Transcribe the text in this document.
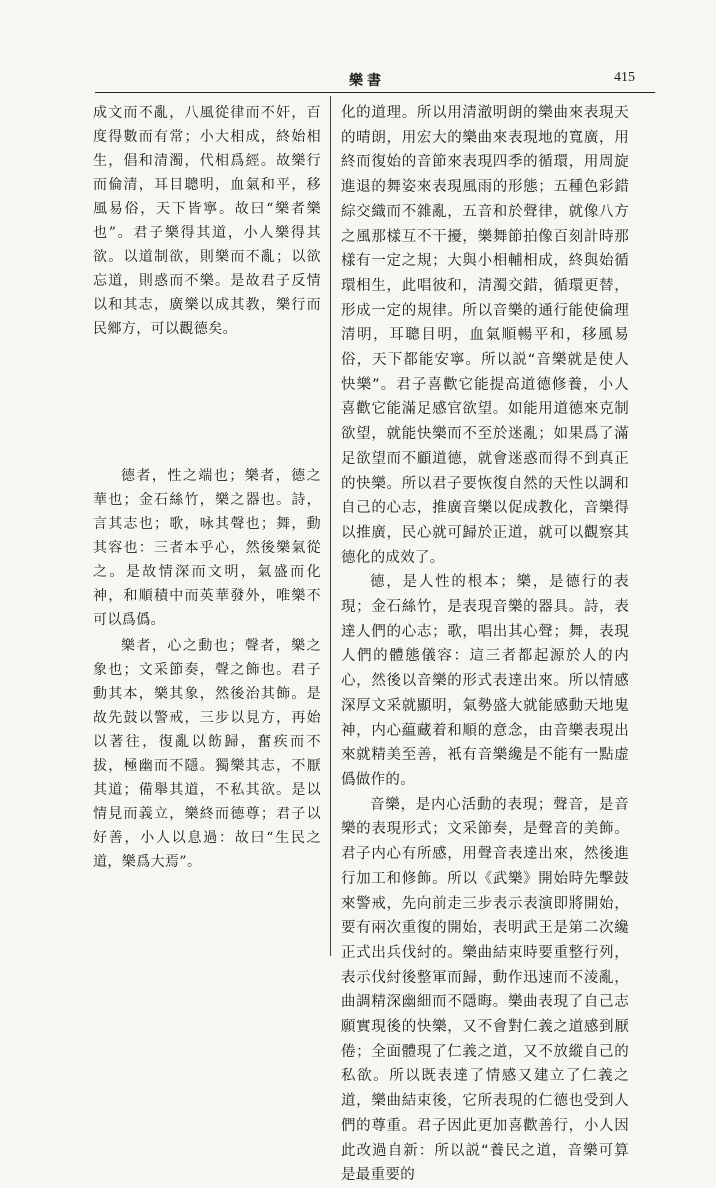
樂書	415

成文而不亂，八風從律而不奸，百度得數而有常；小大相成，終始相生，倡和清濁，代相爲經。故樂行而倫清，耳目聰明，血氣和平，移風易俗，天下皆寧。故曰“樂者樂也”。君子樂得其道，小人樂得其欲。以道制欲，則樂而不亂；以欲忘道，則惑而不樂。是故君子反情以和其志，廣樂以成其教，樂行而民鄉方，可以觀德矣。

德者，性之端也；樂者，德之華也；金石絲竹，樂之器也。詩，言其志也；歌，咏其聲也；舞，動其容也：三者本乎心，然後樂氣從之。是故情深而文明，氣盛而化神，和順積中而英華發外，唯樂不可以爲僞。

樂者，心之動也；聲者，樂之象也；文采節奏，聲之飾也。君子動其本，樂其象，然後治其飾。是故先鼓以警戒，三步以見方，再始以著往，復亂以飭歸，奮疾而不拔，極幽而不隱。獨樂其志，不厭其道；備舉其道，不私其欲。是以情見而義立，樂終而德尊；君子以好善，小人以息過：故曰“生民之道，樂爲大焉”。

化的道理。所以用清澈明朗的樂曲來表現天的晴朗，用宏大的樂曲來表現地的寬廣，用終而復始的音節來表現四季的循環，用周旋進退的舞姿來表現風雨的形態；五種色彩錯綜交織而不雜亂，五音和於聲律，就像八方之風那樣互不干擾，樂舞節拍像百刻計時那樣有一定之規；大與小相輔相成，終與始循環相生，此唱彼和，清濁交錯，循環更替，形成一定的規律。所以音樂的通行能使倫理清明，耳聰目明，血氣順暢平和，移風易俗，天下都能安寧。所以説“音樂就是使人快樂”。君子喜歡它能提高道德修養，小人喜歡它能滿足感官欲望。如能用道德來克制欲望，就能快樂而不至於迷亂；如果爲了滿足欲望而不顧道德，就會迷惑而得不到真正的快樂。所以君子要恢復自然的天性以調和自己的心志，推廣音樂以促成教化，音樂得以推廣，民心就可歸於正道，就可以觀察其德化的成效了。

德，是人性的根本；樂，是德行的表現；金石絲竹，是表現音樂的器具。詩，表達人們的心志；歌，唱出其心聲；舞，表現人們的體態儀容：這三者都起源於人的内心，然後以音樂的形式表達出來。所以情感深厚文采就顯明，氣勢盛大就能感動天地鬼神，内心藴藏着和順的意念，由音樂表現出來就精美至善，衹有音樂纔是不能有一點虚僞做作的。

音樂，是内心活動的表現；聲音，是音樂的表現形式；文采節奏，是聲音的美飾。君子内心有所感，用聲音表達出來，然後進行加工和修飾。所以《武樂》開始時先擊鼓來警戒，先向前走三步表示表演即將開始，要有兩次重復的開始，表明武王是第二次纔正式出兵伐紂的。樂曲結束時要重整行列，表示伐紂後整軍而歸，動作迅速而不淩亂，曲調精深幽細而不隱晦。樂曲表現了自己志願實現後的快樂，又不會對仁義之道感到厭倦；全面體現了仁義之道，又不放縱自己的私欲。所以既表達了情感又建立了仁義之道，樂曲結束後，它所表現的仁德也受到人們的尊重。君子因此更加喜歡善行，小人因此改過自新：所以説“養民之道，音樂可算是最重要的
